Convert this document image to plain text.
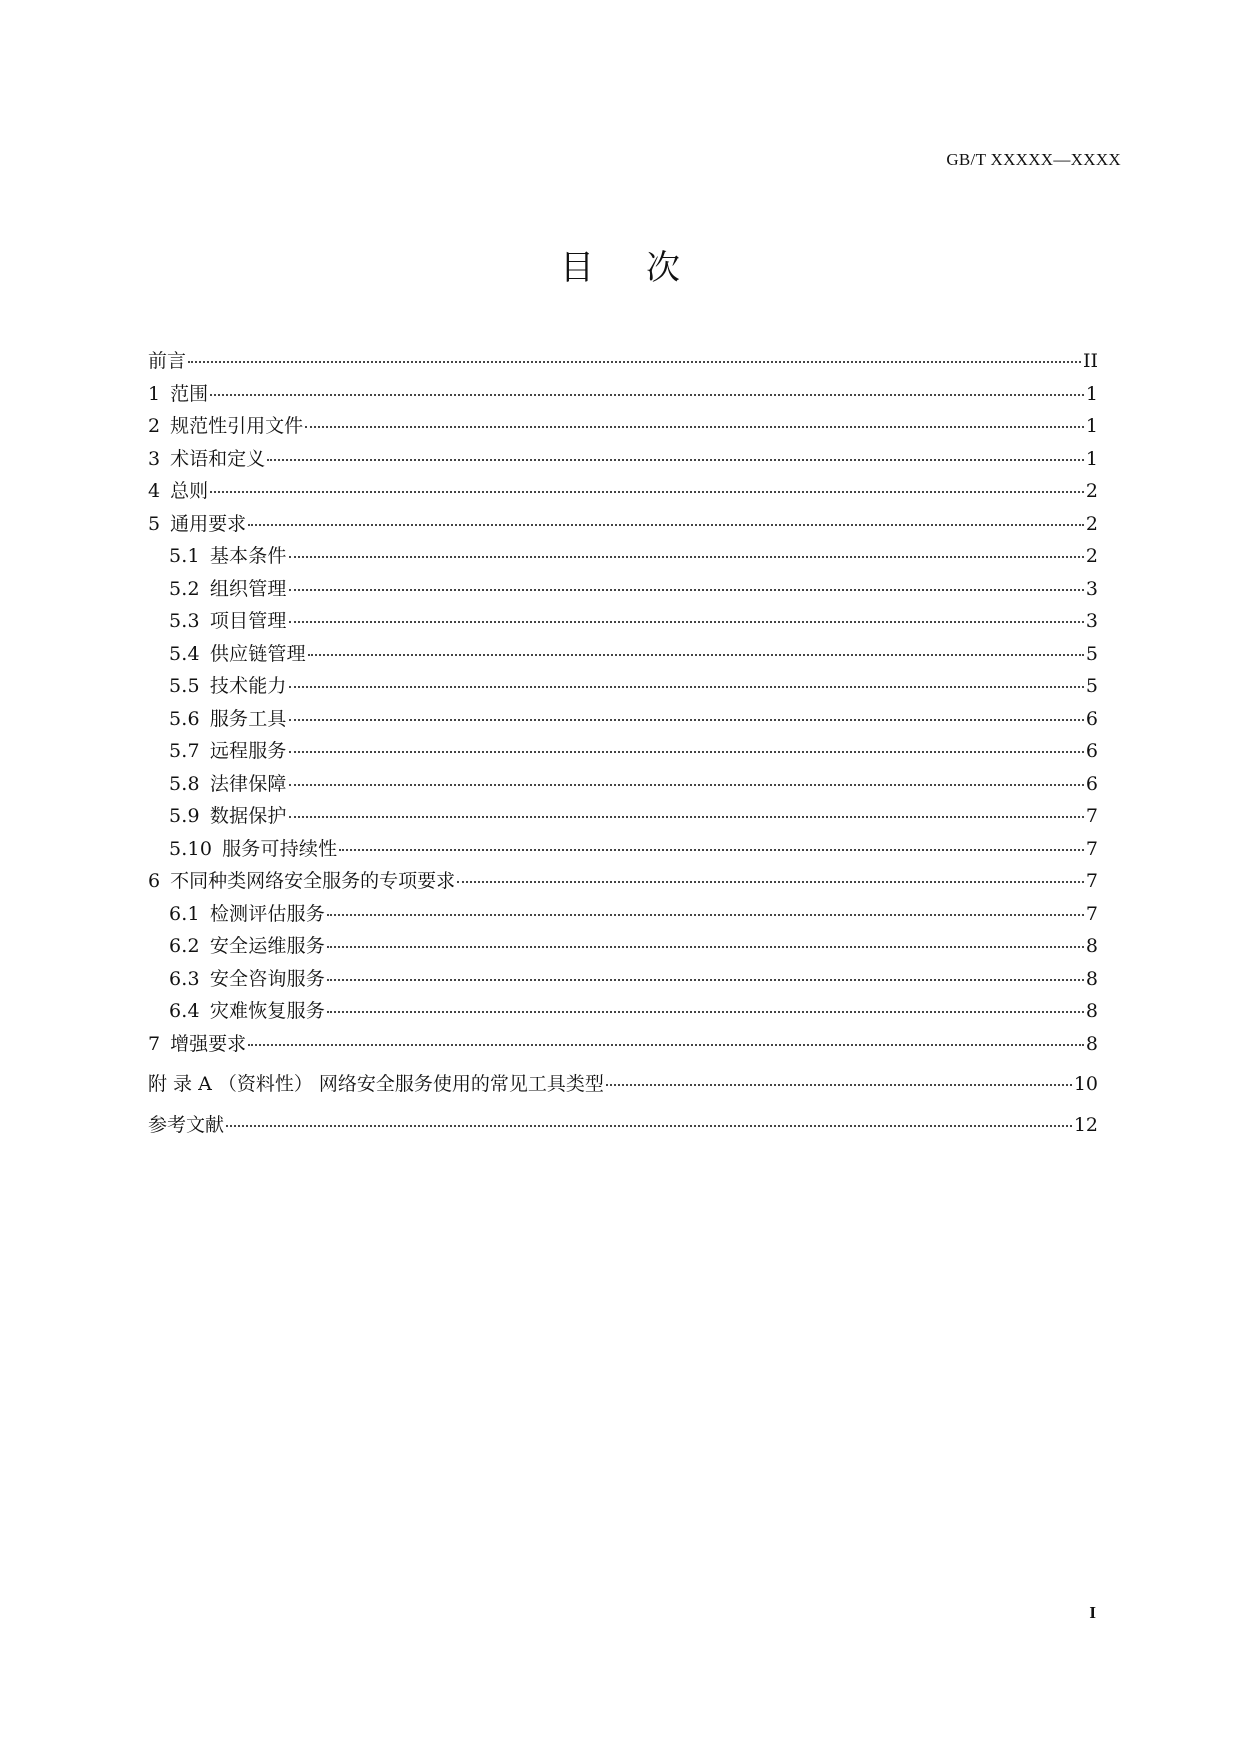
GB/T XXXXX—XXXX
目次
前言	II
1 范围	1
2 规范性引用文件	1
3 术语和定义	1
4 总则	2
5 通用要求	2
5.1 基本条件	2
5.2 组织管理	3
5.3 项目管理	3
5.4 供应链管理	5
5.5 技术能力	5
5.6 服务工具	6
5.7 远程服务	6
5.8 法律保障	6
5.9 数据保护	7
5.10 服务可持续性	7
6 不同种类网络安全服务的专项要求	7
6.1 检测评估服务	7
6.2 安全运维服务	8
6.3 安全咨询服务	8
6.4 灾难恢复服务	8
7 增强要求	8
附 录 A （资料性） 网络安全服务使用的常见工具类型	10
参考文献	12
I
